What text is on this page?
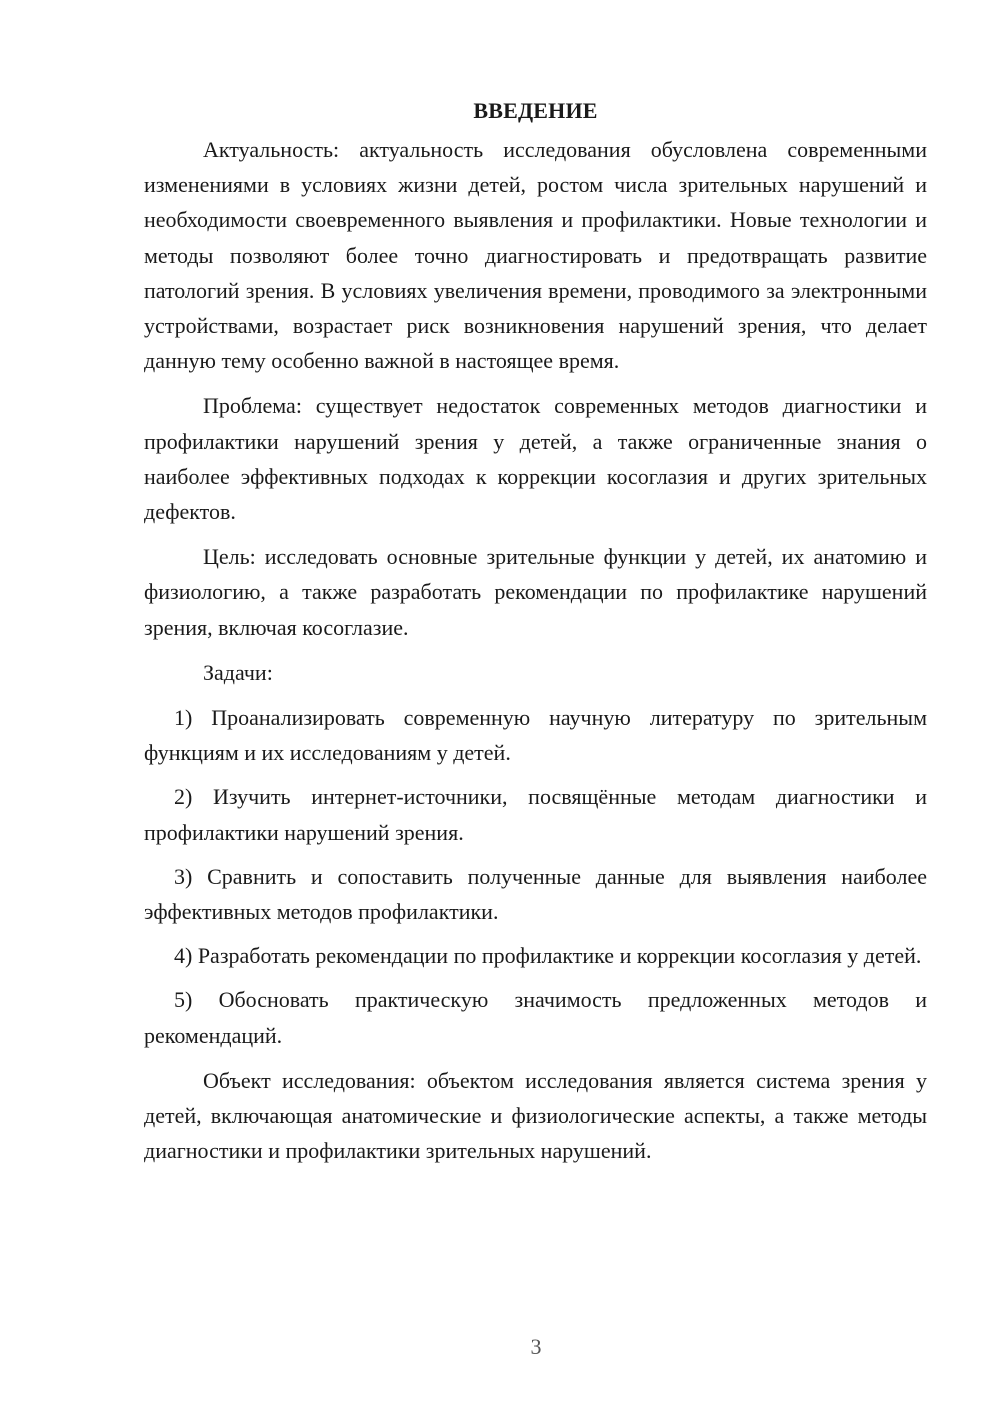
ВВЕДЕНИЕ

Актуальность: актуальность исследования обусловлена современными изменениями в условиях жизни детей, ростом числа зрительных нарушений и необходимости своевременного выявления и профилактики. Новые технологии и методы позволяют более точно диагностировать и предотвращать развитие патологий зрения. В условиях увеличения времени, проводимого за электронными устройствами, возрастает риск возникновения нарушений зрения, что делает данную тему особенно важной в настоящее время.

Проблема: существует недостаток современных методов диагностики и профилактики нарушений зрения у детей, а также ограниченные знания о наиболее эффективных подходах к коррекции косоглазия и других зрительных дефектов.

Цель: исследовать основные зрительные функции у детей, их анатомию и физиологию, а также разработать рекомендации по профилактике нарушений зрения, включая косоглазие.

Задачи:

1) Проанализировать современную научную литературу по зрительным функциям и их исследованиям у детей.

2) Изучить интернет-источники, посвящённые методам диагностики и профилактики нарушений зрения.

3) Сравнить и сопоставить полученные данные для выявления наиболее эффективных методов профилактики.

4) Разработать рекомендации по профилактике и коррекции косоглазия у детей.

5) Обосновать практическую значимость предложенных методов и рекомендаций.

Объект исследования: объектом исследования является система зрения у детей, включающая анатомические и физиологические аспекты, а также методы диагностики и профилактики зрительных нарушений.

3
